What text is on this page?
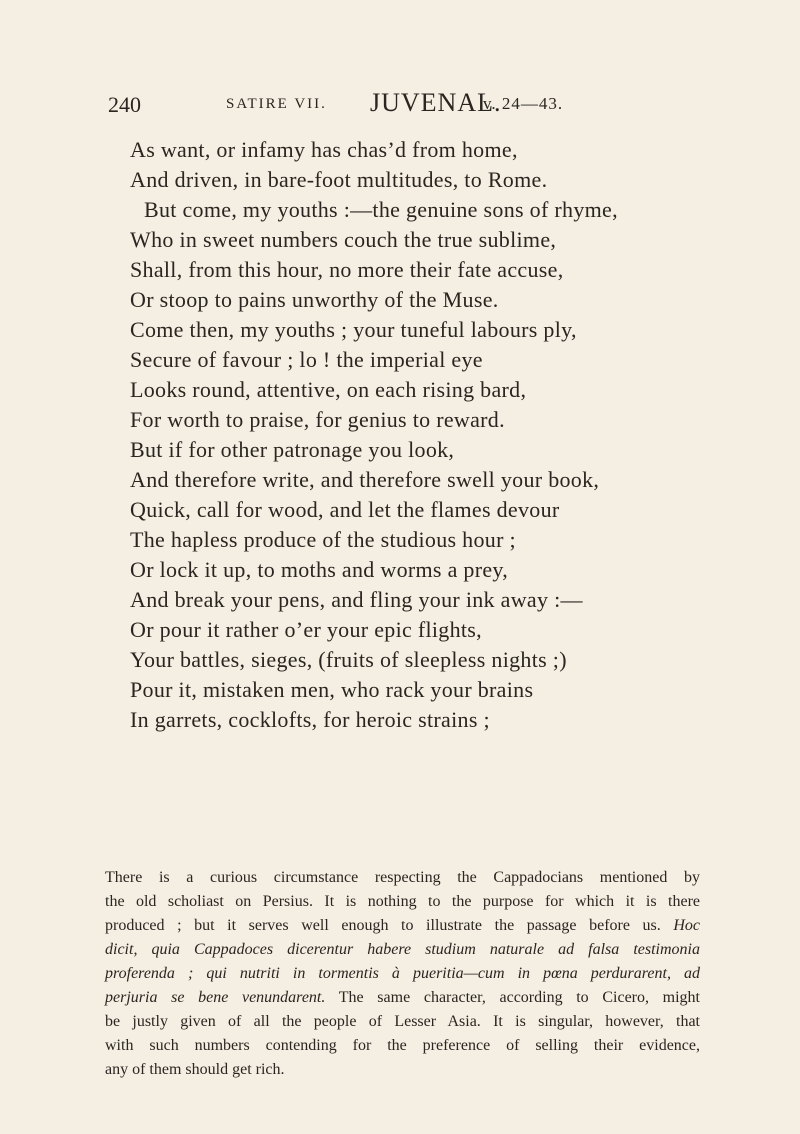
240	SATIRE VII. JUVENAL.
v. 24—43.
As want, or infamy has chas’d from home,
And driven, in bare-foot multitudes, to Rome.
But come, my youths :—the genuine sons of rhyme,
Who in sweet numbers couch the true sublime,
Shall, from this hour, no more their fate accuse,
Or stoop to pains unworthy of the Muse.
Come then, my youths ; your tuneful labours ply,
Secure of favour ; lo ! the imperial eye
Looks round, attentive, on each rising bard,
For worth to praise, for genius to reward.
But if for other patronage you look,
And therefore write, and therefore swell your book,
Quick, call for wood, and let the flames devour
The hapless produce of the studious hour ;
Or lock it up, to moths and worms a prey,
And break your pens, and fling your ink away :—
Or pour it rather o’er your epic flights,
Your battles, sieges, (fruits of sleepless nights ;)
Pour it, mistaken men, who rack your brains
In garrets, cocklofts, for heroic strains ;
There is a curious circumstance respecting the Cappadocians mentioned by
the old scholiast on Persius. It is nothing to the purpose for which it is there
produced ; but it serves well enough to illustrate the passage before us. Hoc
dicit, quia Cappadoces dicerentur habere studium naturale ad falsa testimonia
proferenda ; qui nutriti in tormentis à pueritia—cum in pœna perdurarent, ad
perjuria se bene venundarent. The same character, according to Cicero, might
be justly given of all the people of Lesser Asia. It is singular, however, that
with such numbers contending for the preference of selling their evidence,
any of them should get rich.
